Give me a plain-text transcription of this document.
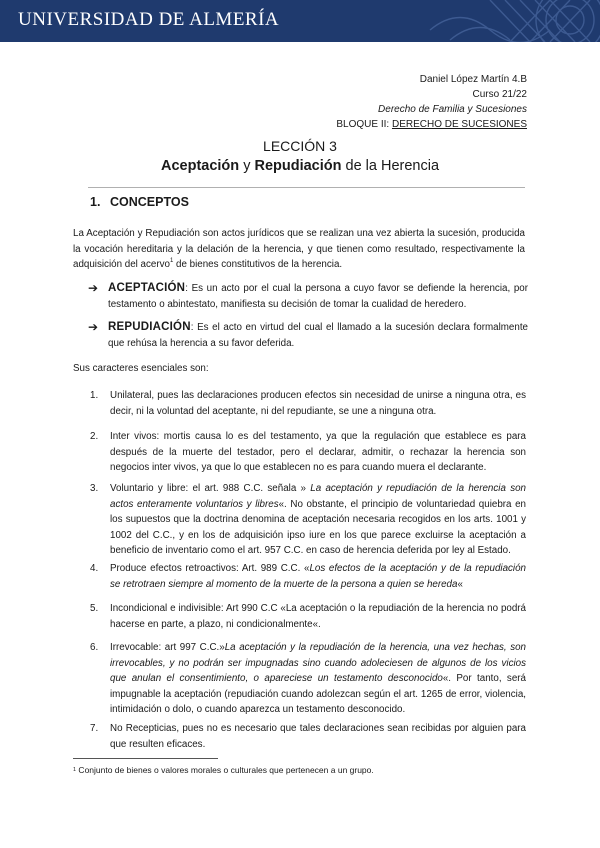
UNIVERSIDAD DE ALMERÍA
Daniel López Martín 4.B
Curso 21/22
Derecho de Familia y Sucesiones
BLOQUE II: DERECHO DE SUCESIONES
LECCIÓN 3
Aceptación y Repudiación de la Herencia
1. CONCEPTOS
La Aceptación y Repudiación son actos jurídicos que se realizan una vez abierta la sucesión, producida la vocación hereditaria y la delación de la herencia, y que tienen como resultado, respectivamente la adquisición del acervo$^1$ de bienes constitutivos de la herencia.
➔ ACEPTACIÓN: Es un acto por el cual la persona a cuyo favor se defiende la herencia, por testamento o abintestato, manifiesta su decisión de tomar la cualidad de heredero.
➔ REPUDIACIÓN: Es el acto en virtud del cual el llamado a la sucesión declara formalmente que rehúsa la herencia a su favor deferida.
Sus caracteres esenciales son:
1. Unilateral, pues las declaraciones producen efectos sin necesidad de unirse a ninguna otra, es decir, ni la voluntad del aceptante, ni del repudiante, se une a ninguna otra.
2. Inter vivos: mortis causa lo es del testamento, ya que la regulación que establece es para después de la muerte del testador, pero el declarar, admitir, o rechazar la herencia son negocios inter vivos, ya que lo que establecen no es para cuando muera el declarante.
3. Voluntario y libre: el art. 988 C.C. señala » La aceptación y repudiación de la herencia son actos enteramente voluntarios y libres«. No obstante, el principio de voluntariedad quiebra en los supuestos que la doctrina denomina de aceptación necesaria recogidos en los arts. 1001 y 1002 del C.C., y en los de adquisición ipso iure en los que parece excluirse la aceptación a beneficio de inventario como el art. 957 C.C. en caso de herencia deferida por ley al Estado.
4. Produce efectos retroactivos: Art. 989 C.C. «Los efectos de la aceptación y de la repudiación se retrotraen siempre al momento de la muerte de la persona a quien se hereda«
5. Incondicional e indivisible: Art 990 C.C «La aceptación o la repudiación de la herencia no podrá hacerse en parte, a plazo, ni condicionalmente«.
6. Irrevocable: art 997 C.C.»La aceptación y la repudiación de la herencia, una vez hechas, son irrevocables, y no podrán ser impugnadas sino cuando adoleciesen de algunos de los vicios que anulan el consentimiento, o apareciese un testamento desconocido«. Por tanto, será impugnable la aceptación (repudiación cuando adolezcan según el art. 1265 de error, violencia, intimidación o dolo, o cuando aparezca un testamento desconocido.
7. No Recepticias, pues no es necesario que tales declaraciones sean recibidas por alguien para que resulten eficaces.
$^1$ Conjunto de bienes o valores morales o culturales que pertenecen a un grupo.
